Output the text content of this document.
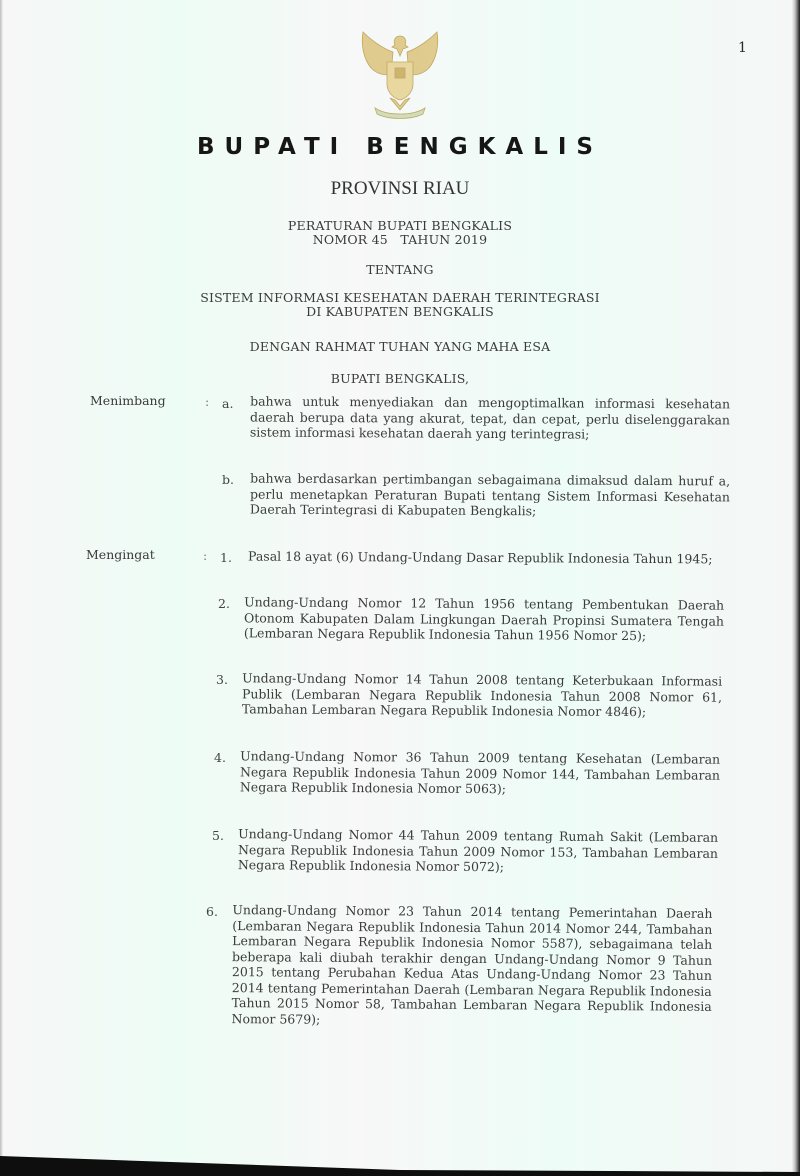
1
BUPATI BENGKALIS
PROVINSI RIAU
PERATURAN BUPATI BENGKALIS
NOMOR 45   TAHUN 2019
TENTANG
SISTEM INFORMASI KESEHATAN DAERAH TERINTEGRASI
DI KABUPATEN BENGKALIS
DENGAN RAHMAT TUHAN YANG MAHA ESA
BUPATI BENGKALIS,
Menimbang	: a. bahwa untuk menyediakan dan mengoptimalkan informasi kesehatan daerah berupa data yang akurat, tepat, dan cepat, perlu diselenggarakan sistem informasi kesehatan daerah yang terintegrasi;
b. bahwa berdasarkan pertimbangan sebagaimana dimaksud dalam huruf a, perlu menetapkan Peraturan Bupati tentang Sistem Informasi Kesehatan Daerah Terintegrasi di Kabupaten Bengkalis;
Mengingat	: 1. Pasal 18 ayat (6) Undang-Undang Dasar Republik Indonesia Tahun 1945;
2. Undang-Undang Nomor 12 Tahun 1956 tentang Pembentukan Daerah Otonom Kabupaten Dalam Lingkungan Daerah Propinsi Sumatera Tengah (Lembaran Negara Republik Indonesia Tahun 1956 Nomor 25);
3. Undang-Undang Nomor 14 Tahun 2008 tentang Keterbukaan Informasi Publik (Lembaran Negara Republik Indonesia Tahun 2008 Nomor 61, Tambahan Lembaran Negara Republik Indonesia Nomor 4846);
4. Undang-Undang Nomor 36 Tahun 2009 tentang Kesehatan (Lembaran Negara Republik Indonesia Tahun 2009 Nomor 144, Tambahan Lembaran Negara Republik Indonesia Nomor 5063);
5. Undang-Undang Nomor 44 Tahun 2009 tentang Rumah Sakit (Lembaran Negara Republik Indonesia Tahun 2009 Nomor 153, Tambahan Lembaran Negara Republik Indonesia Nomor 5072);
6. Undang-Undang Nomor 23 Tahun 2014 tentang Pemerintahan Daerah (Lembaran Negara Republik Indonesia Tahun 2014 Nomor 244, Tambahan Lembaran Negara Republik Indonesia Nomor 5587), sebagaimana telah beberapa kali diubah terakhir dengan Undang-Undang Nomor 9 Tahun 2015 tentang Perubahan Kedua Atas Undang-Undang Nomor 23 Tahun 2014 tentang Pemerintahan Daerah (Lembaran Negara Republik Indonesia Tahun 2015 Nomor 58, Tambahan Lembaran Negara Republik Indonesia Nomor 5679);
